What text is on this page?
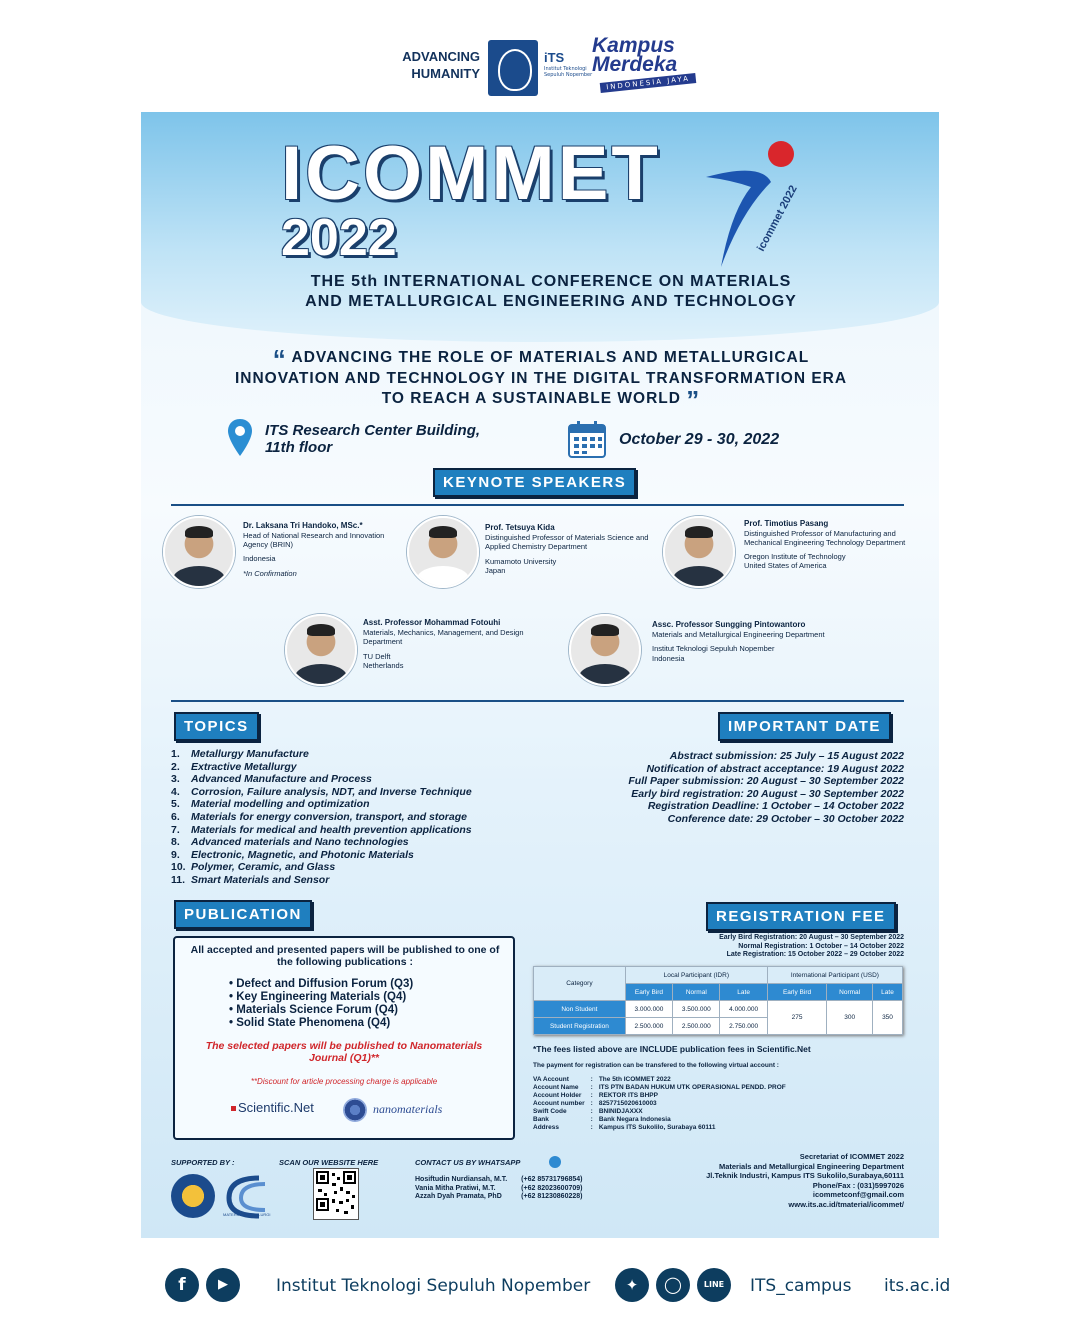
ADVANCING HUMANITY
iTS
Institut Teknologi Sepuluh Nopember
Kampus Merdeka
INDONESIA JAYA
ICOMMET
2022	icommet 2022
THE 5th INTERNATIONAL CONFERENCE ON MATERIALS
AND METALLURGICAL ENGINEERING AND TECHNOLOGY
“ ADVANCING THE ROLE OF MATERIALS AND METALLURGICAL
INNOVATION AND TECHNOLOGY IN THE DIGITAL TRANSFORMATION ERA
TO REACH A SUSTAINABLE WORLD ”
ITS Research Center Building,
11th floor	October 29 - 30, 2022
KEYNOTE SPEAKERS
Dr. Laksana Tri Handoko, MSc.*
Head of National Research and Innovation Agency (BRIN)
Indonesia
*In Confirmation
Prof. Tetsuya Kida
Distinguished Professor of Materials Science and Applied Chemistry Department
Kumamoto University
Japan
Prof. Timotius Pasang
Distinguished Professor of Manufacturing and Mechanical Engineering Technology Department
Oregon Institute of Technology
United States of America
Asst. Professor Mohammad Fotouhi
Materials, Mechanics, Management, and Design Department
TU Delft
Netherlands
Assc. Professor Sungging Pintowantoro
Materials and Metallurgical Engineering Department
Institut Teknologi Sepuluh Nopember
Indonesia
TOPICS	IMPORTANT DATE
1. Metallurgy Manufacture
2. Extractive Metallurgy
3. Advanced Manufacture and Process
4. Corrosion, Failure analysis, NDT, and Inverse Technique
5. Material modelling and optimization
6. Materials for energy conversion, transport, and storage
7. Materials for medical and health prevention applications
8. Advanced materials and Nano technologies
9. Electronic, Magnetic, and Photonic Materials
10. Polymer, Ceramic, and Glass
11. Smart Materials and Sensor
Abstract submission: 25 July – 15 August 2022
Notification of abstract acceptance: 19 August 2022
Full Paper submission: 20 August – 30 September 2022
Early bird registration: 20 August – 30 September 2022
Registration Deadline: 1 October – 14 October 2022
Conference date: 29 October – 30 October 2022
PUBLICATION
All accepted and presented papers will be published to one of the following publications :
• Defect and Diffusion Forum (Q3)
• Key Engineering Materials (Q4)
• Materials Science Forum (Q4)
• Solid State Phenomena (Q4)
The selected papers will be published to Nanomaterials Journal (Q1)**
**Discount for article processing charge is applicable
Scientific.Net	nanomaterials
REGISTRATION FEE
Early Bird Registration: 20 August – 30 September 2022
Normal Registration: 1 October – 14 October 2022
Late Registration: 15 October 2022 – 29 October 2022
Category	Local Participant (IDR)			International Participant (USD)		
	Early Bird	Normal	Late	Early Bird	Normal	Late
Non Student	3.000.000	3.500.000	4.000.000	275	300	350
Student Registration	2.500.000	2.500.000	2.750.000			
*The fees listed above are INCLUDE publication fees in Scientific.Net
The payment for registration can be transfered to the following virtual account :
VA Account	:	The 5th ICOMMET 2022
Account Name	:	ITS PTN BADAN HUKUM UTK OPERASIONAL PENDD. PROF
Account Holder	:	REKTOR ITS BHPP
Account number	:	8257715020610003
Swift Code	:	BNINIDJAXXX
Bank	:	Bank Negara Indonesia
Address	:	Kampus ITS Sukolilo, Surabaya 60111
SUPPORTED BY :
MATERIAL & METALURGI
SCAN OUR WEBSITE HERE	CONTACT US BY WHATSAPP
Hosiftudin Nurdiansah, M.T.	(+62 85731796854)
Vania Mitha Pratiwi, M.T.	(+62 82023600709)
Azzah Dyah Pramata, PhD	(+62 81230860228)
Secretariat of ICOMMET 2022
Materials and Metallurgical Engineering Department
Jl.Teknik Industri, Kampus ITS Sukolilo,Surabaya,60111
Phone/Fax : (031)5997026
icommetconf@gmail.com
www.its.ac.id/tmaterial/icommet/
f	▶	Institut Teknologi Sepuluh Nopember	✦	◯	LINE	ITS_campus its.ac.id
